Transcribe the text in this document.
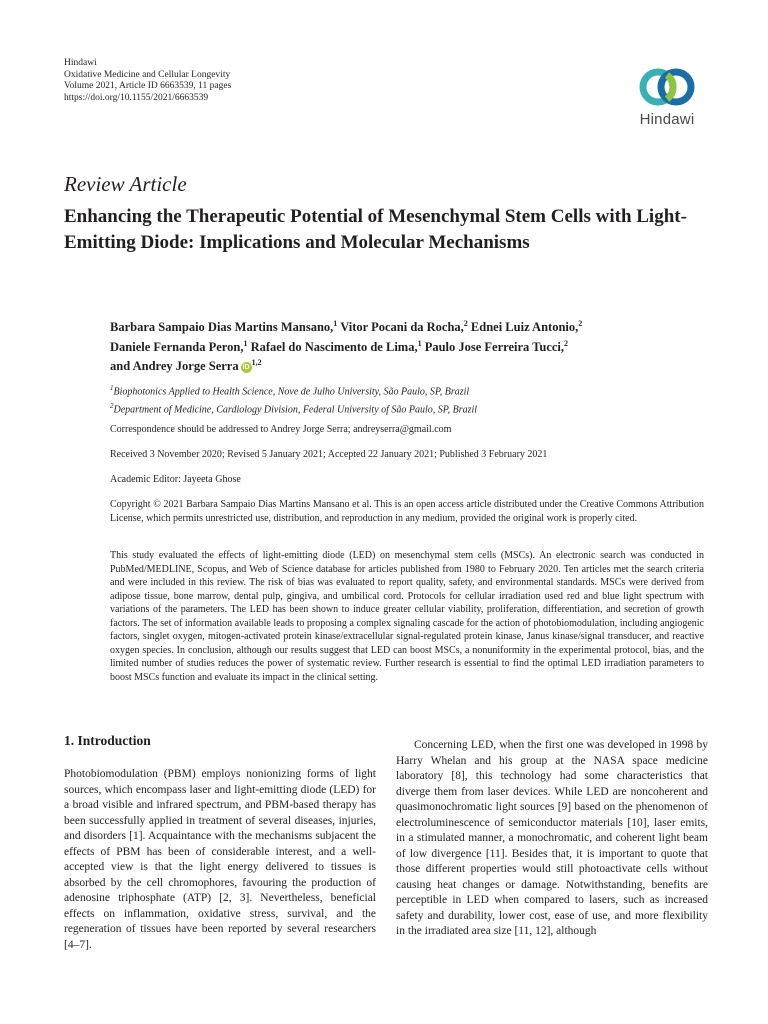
Hindawi
Oxidative Medicine and Cellular Longevity
Volume 2021, Article ID 6663539, 11 pages
https://doi.org/10.1155/2021/6663539
Hindawi
Review Article
Enhancing the Therapeutic Potential of Mesenchymal Stem Cells with Light-Emitting Diode: Implications and Molecular Mechanisms
Barbara Sampaio Dias Martins Mansano,$^1$ Vitor Pocani da Rocha,$^2$ Ednei Luiz Antonio,$^2$
Daniele Fernanda Peron,$^1$ Rafael do Nascimento de Lima,$^1$ Paulo Jose Ferreira Tucci,$^2$
and Andrey Jorge Serra iD$^{1,2}$
$^1$Biophotonics Applied to Health Science, Nove de Julho University, São Paulo, SP, Brazil
$^2$Department of Medicine, Cardiology Division, Federal University of São Paulo, SP, Brazil
Correspondence should be addressed to Andrey Jorge Serra; andreyserra@gmail.com
Received 3 November 2020; Revised 5 January 2021; Accepted 22 January 2021; Published 3 February 2021
Academic Editor: Jayeeta Ghose
Copyright © 2021 Barbara Sampaio Dias Martins Mansano et al. This is an open access article distributed under the Creative Commons Attribution License, which permits unrestricted use, distribution, and reproduction in any medium, provided the original work is properly cited.
This study evaluated the effects of light-emitting diode (LED) on mesenchymal stem cells (MSCs). An electronic search was conducted in PubMed/MEDLINE, Scopus, and Web of Science database for articles published from 1980 to February 2020. Ten articles met the search criteria and were included in this review. The risk of bias was evaluated to report quality, safety, and environmental standards. MSCs were derived from adipose tissue, bone marrow, dental pulp, gingiva, and umbilical cord. Protocols for cellular irradiation used red and blue light spectrum with variations of the parameters. The LED has been shown to induce greater cellular viability, proliferation, differentiation, and secretion of growth factors. The set of information available leads to proposing a complex signaling cascade for the action of photobiomodulation, including angiogenic factors, singlet oxygen, mitogen-activated protein kinase/extracellular signal-regulated protein kinase, Janus kinase/signal transducer, and reactive oxygen species. In conclusion, although our results suggest that LED can boost MSCs, a nonuniformity in the experimental protocol, bias, and the limited number of studies reduces the power of systematic review. Further research is essential to find the optimal LED irradiation parameters to boost MSCs function and evaluate its impact in the clinical setting.
1. Introduction
Photobiomodulation (PBM) employs nonionizing forms of light sources, which encompass laser and light-emitting diode (LED) for a broad visible and infrared spectrum, and PBM-based therapy has been successfully applied in treatment of several diseases, injuries, and disorders [1]. Acquaintance with the mechanisms subjacent the effects of PBM has been of considerable interest, and a well-accepted view is that the light energy delivered to tissues is absorbed by the cell chromophores, favouring the production of adenosine triphosphate (ATP) [2, 3]. Nevertheless, beneficial effects on inflammation, oxidative stress, survival, and the regeneration of tissues have been reported by several researchers [4–7].
Concerning LED, when the first one was developed in 1998 by Harry Whelan and his group at the NASA space medicine laboratory [8], this technology had some characteristics that diverge them from laser devices. While LED are noncoherent and quasimonochromatic light sources [9] based on the phenomenon of electroluminescence of semiconductor materials [10], laser emits, in a stimulated manner, a monochromatic, and coherent light beam of low divergence [11]. Besides that, it is important to quote that those different properties would still photoactivate cells without causing heat changes or damage. Notwithstanding, benefits are perceptible in LED when compared to lasers, such as increased safety and durability, lower cost, ease of use, and more flexibility in the irradiated area size [11, 12], although
